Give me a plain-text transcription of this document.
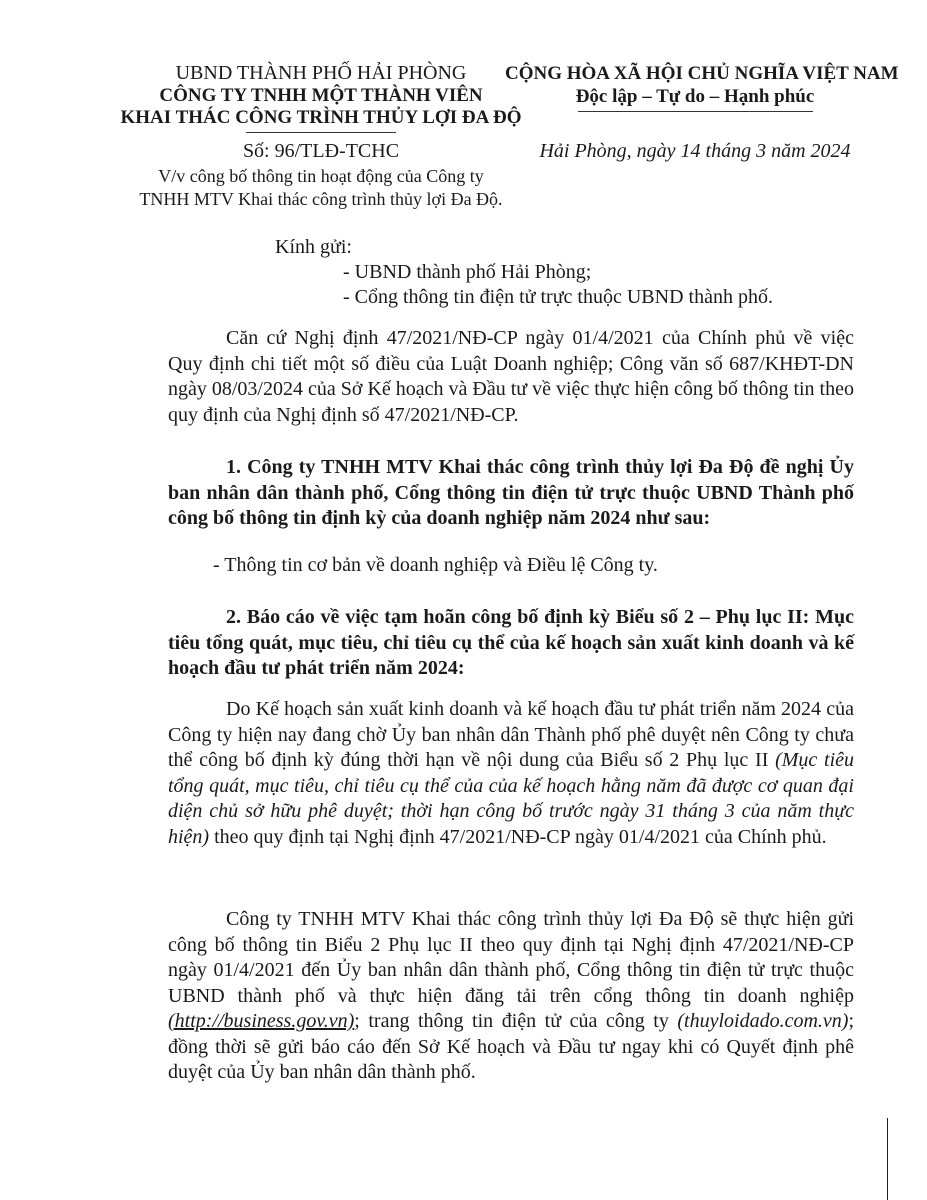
UBND THÀNH PHỐ HẢI PHÒNG
CÔNG TY TNHH MỘT THÀNH VIÊN
KHAI THÁC CÔNG TRÌNH THỦY LỢI ĐA ĐỘ
CỘNG HÒA XÃ HỘI CHỦ NGHĨA VIỆT NAM
Độc lập – Tự do – Hạnh phúc
Số: 96/TLĐ-TCHC
V/v công bố thông tin hoạt động của Công ty
TNHH MTV Khai thác công trình thủy lợi Đa Độ.
Hải Phòng, ngày 14 tháng 3 năm 2024
Kính gửi:
- UBND thành phố Hải Phòng;
- Cổng thông tin điện tử trực thuộc UBND thành phố.
Căn cứ Nghị định 47/2021/NĐ-CP ngày 01/4/2021 của Chính phủ về việc Quy định chi tiết một số điều của Luật Doanh nghiệp; Công văn số 687/KHĐT-DN ngày 08/03/2024 của Sở Kế hoạch và Đầu tư về việc thực hiện công bố thông tin theo quy định của Nghị định số 47/2021/NĐ-CP.
1. Công ty TNHH MTV Khai thác công trình thủy lợi Đa Độ đề nghị Ủy ban nhân dân thành phố, Cổng thông tin điện tử trực thuộc UBND Thành phố công bố thông tin định kỳ của doanh nghiệp năm 2024 như sau:
- Thông tin cơ bản về doanh nghiệp và Điều lệ Công ty.
2. Báo cáo về việc tạm hoãn công bố định kỳ Biểu số 2 – Phụ lục II: Mục tiêu tổng quát, mục tiêu, chỉ tiêu cụ thể của kế hoạch sản xuất kinh doanh và kế hoạch đầu tư phát triển năm 2024:
Do Kế hoạch sản xuất kinh doanh và kế hoạch đầu tư phát triển năm 2024 của Công ty hiện nay đang chờ Ủy ban nhân dân Thành phố phê duyệt nên Công ty chưa thể công bố định kỳ đúng thời hạn về nội dung của Biểu số 2 Phụ lục II (Mục tiêu tổng quát, mục tiêu, chỉ tiêu cụ thể của của kế hoạch hằng năm đã được cơ quan đại diện chủ sở hữu phê duyệt; thời hạn công bố trước ngày 31 tháng 3 của năm thực hiện) theo quy định tại Nghị định 47/2021/NĐ-CP ngày 01/4/2021 của Chính phủ.
Công ty TNHH MTV Khai thác công trình thủy lợi Đa Độ sẽ thực hiện gửi công bố thông tin Biểu 2 Phụ lục II theo quy định tại Nghị định 47/2021/NĐ-CP ngày 01/4/2021 đến Ủy ban nhân dân thành phố, Cổng thông tin điện tử trực thuộc UBND thành phố và thực hiện đăng tải trên cổng thông tin doanh nghiệp (http://business.gov.vn); trang thông tin điện tử của công ty (thuyloidado.com.vn); đồng thời sẽ gửi báo cáo đến Sở Kế hoạch và Đầu tư ngay khi có Quyết định phê duyệt của Ủy ban nhân dân thành phố.
